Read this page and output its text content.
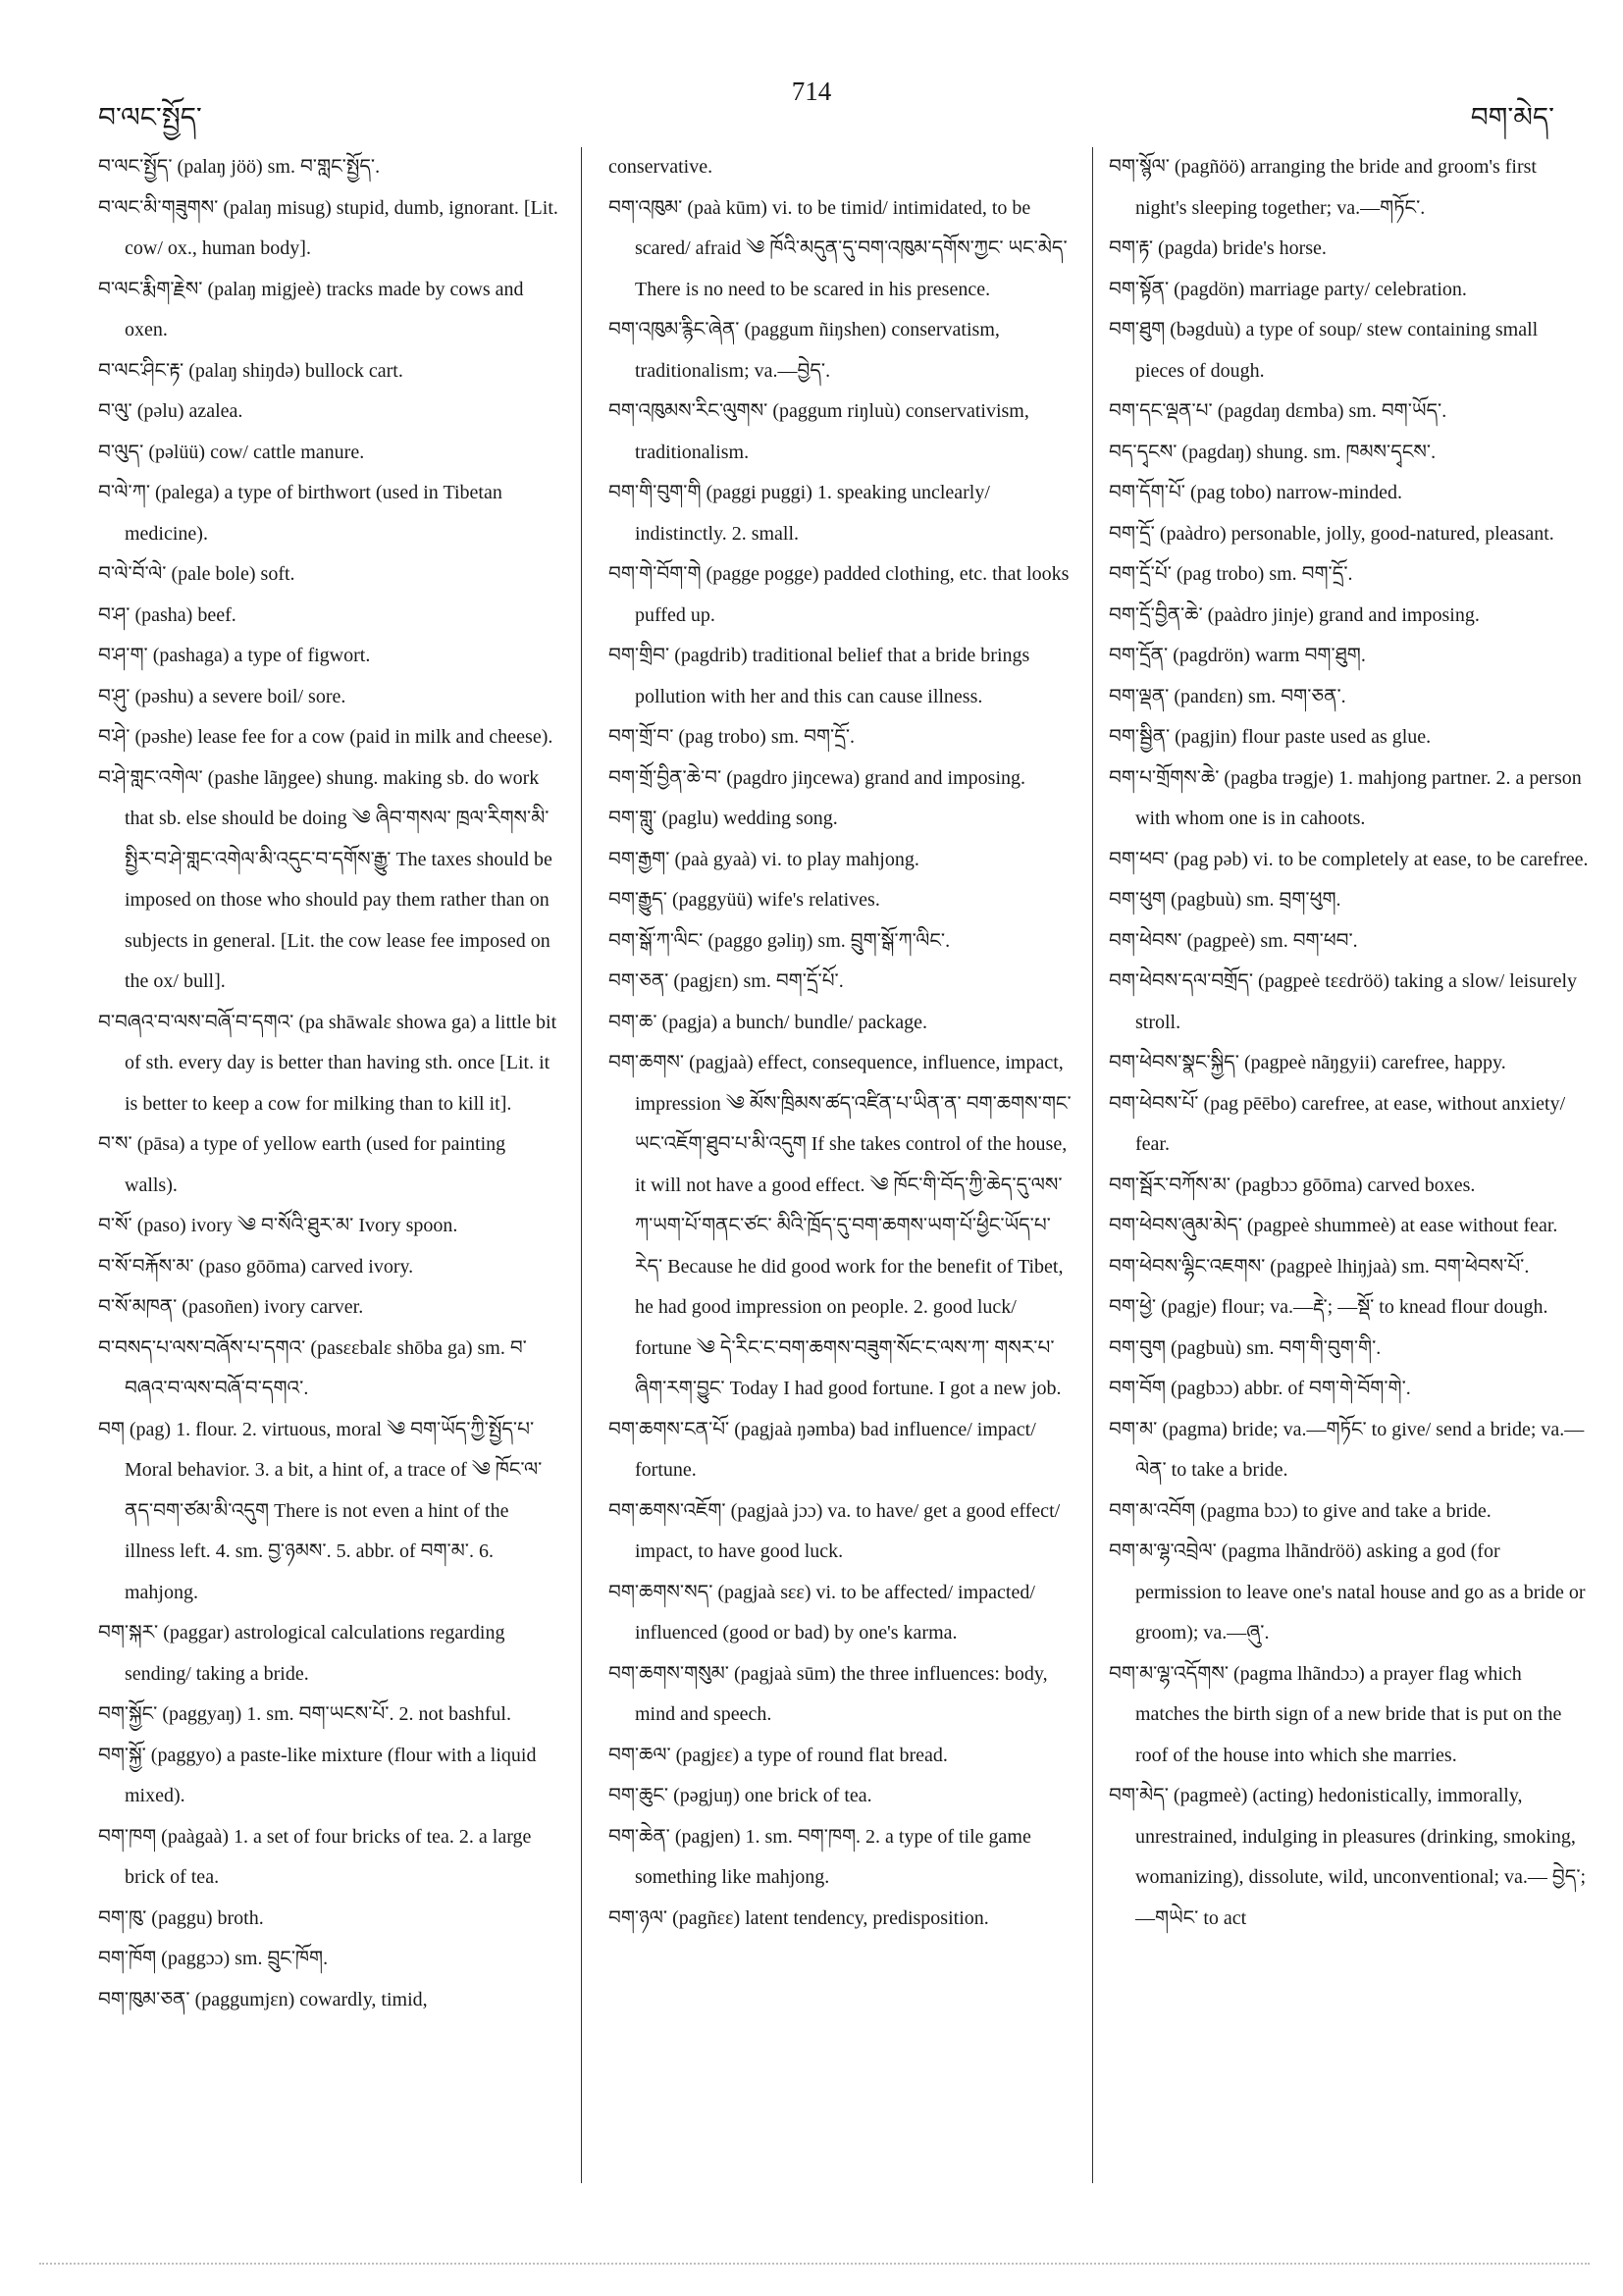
བ་ལང་སྤྱོད་
714
བག་མེད་

བ་ལང་སྤྱོད་ (palaŋ jöö) sm. བ་གླང་སྤྱོད་.

བ་ལང་མི་གཟུགས་ (palaŋ misug) stupid, dumb, ignorant. [Lit. cow/ ox., human body].

བ་ལང་རྨིག་རྗེས་ (palaŋ migjeè) tracks made by cows and oxen.

བ་ལང་ཤིང་རྟ་ (palaŋ shiŋdə) bullock cart.

བ་ལུ་ (pəlu) azalea.

བ་ལུད་ (pəlüü) cow/ cattle manure.

བ་ལེ་ཀ་ (palega) a type of birthwort (used in Tibetan medicine).

བ་ལེ་བོ་ལེ་ (pale bole) soft.

བ་ཤ་ (pasha) beef.

བ་ཤ་ག་ (pashaga) a type of figwort.

བ་ཤུ་ (pəshu) a severe boil/ sore.

བ་ཤེ་ (pəshe) lease fee for a cow (paid in milk and cheese).

བ་ཤེ་གླང་འགེལ་ (pashe lãŋgee) shung. making sb. do work that sb. else should be doing ༄ ཞིབ་གསལ་ ཁྲལ་རིགས་མི་སྤྱིར་བ་ཤེ་གླང་འགེལ་མི་འདུང་བ་དགོས་རྒྱུ་ The taxes should be imposed on those who should pay them rather than on subjects in general. [Lit. the cow lease fee imposed on the ox/ bull].

བ་བཞའ་བ་ལས་བཞོ་བ་དགའ་ (pa shāwalɛ showa ga) a little bit of sth. every day is better than having sth. once [Lit. it is better to keep a cow for milking than to kill it].

བ་ས་ (pāsa) a type of yellow earth (used for painting walls).

བ་སོ་ (paso) ivory ༄ བ་སོའི་ཐུར་མ་ Ivory spoon.

བ་སོ་བརྐོས་མ་ (paso gōōma) carved ivory.

བ་སོ་མཁན་ (pasoñen) ivory carver.

བ་བསད་པ་ལས་བཞོས་པ་དགའ་ (pasɛɛbalɛ shōba ga) sm. བ་བཞའ་བ་ལས་བཞོ་བ་དགའ་.

བག (pag) 1. flour. 2. virtuous, moral ༄ བག་ཡོད་ཀྱི་སྤྱོད་པ་ Moral behavior. 3. a bit, a hint of, a trace of ༄ ཁོང་ལ་ནད་བག་ཙམ་མི་འདུག There is not even a hint of the illness left. 4. sm. བྱ་ཉམས་. 5. abbr. of བག་མ་. 6. mahjong.

བག་སྐར་ (paggar) astrological calculations regarding sending/ taking a bride.

བག་སྐྱོང་ (paggyaŋ) 1. sm. བག་ཡངས་པོ་. 2. not bashful.

བག་སྐྱོ་ (paggyo) a paste-like mixture (flour with a liquid mixed).

བག་ཁག (paàgaà) 1. a set of four bricks of tea. 2. a large brick of tea.

བག་ཁུ་ (paggu) broth.

བག་ཁོག (paggɔɔ) sm. བྲུང་ཁོག.

བག་ཁུམ་ཅན་ (paggumjɛn) cowardly, timid,

conservative.

བག་འཁུམ་ (paà kūm) vi. to be timid/ intimidated, to be scared/ afraid ༄ ཁོའི་མདུན་དུ་བག་འཁུམ་དགོས་ཀྱང་ ཡང་མེད་ There is no need to be scared in his presence.

བག་འཁུམ་རྙིང་ཞེན་ (paggum ñiŋshen) conservatism, traditionalism; va.—བྱེད་.

བག་འཁུམས་རིང་ལུགས་ (paggum riŋluù) conservativism, traditionalism.

བག་གི་བུག་གི (paggi puggi) 1. speaking unclearly/ indistinctly. 2. small.

བག་གེ་བོག་གེ (pagge pogge) padded clothing, etc. that looks puffed up.

བག་གྲིབ་ (pagdrib) traditional belief that a bride brings pollution with her and this can cause illness.

བག་གྲོ་བ་ (pag trobo) sm. བག་དྲོ་.

བག་གྲོ་བྱིན་ཆེ་བ་ (pagdro jiŋcewa) grand and imposing.

བག་གླུ་ (paglu) wedding song.

བག་རྒྱག་ (paà gyaà) vi. to play mahjong.

བག་རྒྱུད་ (paggyüü) wife's relatives.

བག་སྒོ་ཀ་ལིང་ (paggo gəliŋ) sm. བྲུག་སྒོ་ཀ་ལིང་.

བག་ཅན་ (pagjɛn) sm. བག་དྲོ་པོ་.

བག་ཆ་ (pagja) a bunch/ bundle/ package.

བག་ཆགས་ (pagjaà) effect, consequence, influence, impact, impression ༄ མོས་ཁྲིམས་ཚད་འཛིན་པ་ཡིན་ན་ བག་ཆགས་གང་ཡང་འཇོག་ཐུབ་པ་མི་འདུག If she takes control of the house, it will not have a good effect. ༄ ཁོང་གི་བོད་ཀྱི་ཆེད་དུ་ལས་ཀ་ཡག་པོ་གནང་ཙང་ མིའི་ཁྲོད་དུ་བག་ཆགས་ཡག་པོ་ཕྱིང་ཡོད་པ་རེད་ Because he did good work for the benefit of Tibet, he had good impression on people. 2. good luck/ fortune ༄ དེ་རིང་ང་བག་ཆགས་བཟུག་སོང་ང་ལས་ཀ་ གསར་པ་ཞིག་རག་བྱུང་ Today I had good fortune. I got a new job.

བག་ཆགས་ངན་པོ་ (pagjaà ŋəmba) bad influence/ impact/ fortune.

བག་ཆགས་འཇོག་ (pagjaà jɔɔ) va. to have/ get a good effect/ impact, to have good luck.

བག་ཆགས་སད་ (pagjaà sɛɛ) vi. to be affected/ impacted/ influenced (good or bad) by one's karma.

བག་ཆགས་གསུམ་ (pagjaà sūm) the three influences: body, mind and speech.

བག་ཆལ་ (pagjɛɛ) a type of round flat bread.

བག་ཆུང་ (pəgjuŋ) one brick of tea.

བག་ཆེན་ (pagjen) 1. sm. བག་ཁག. 2. a type of tile game something like mahjong.

བག་ཉལ་ (pagñɛɛ) latent tendency, predisposition.

བག་སྙོལ་ (pagñöö) arranging the bride and groom's first night's sleeping together; va.—གཏོང་.

བག་རྟ་ (pagda) bride's horse.

བག་སྟོན་ (pagdön) marriage party/ celebration.

བག་ཐུག (bəgduù) a type of soup/ stew containing small pieces of dough.

བག་དང་ལྡན་པ་ (pagdaŋ dɛmba) sm. བག་ཡོད་.

བད་དྭངས་ (pagdaŋ) shung. sm. ཁམས་དྭངས་.

བག་དོག་པོ་ (pag tobo) narrow-minded.

བག་དྲོ་ (paàdro) personable, jolly, good-natured, pleasant.

བག་དྲོ་པོ་ (pag trobo) sm. བག་དྲོ་.

བག་དྲོ་བྱིན་ཆེ་ (paàdro jinje) grand and imposing.

བག་དྲོན་ (pagdrön) warm བག་ཐུག.

བག་ལྡན་ (pandɛn) sm. བག་ཅན་.

བག་སྦྱིན་ (pagjin) flour paste used as glue.

བག་པ་གྲོགས་ཆེ་ (pagba trəgje) 1. mahjong partner. 2. a person with whom one is in cahoots.

བག་ཕབ་ (pag pəb) vi. to be completely at ease, to be carefree.

བག་ཕུག (pagbuù) sm. བྲག་ཕུག.

བག་ཕེབས་ (pagpeè) sm. བག་ཕབ་.

བག་ཕེབས་དལ་བགྲོད་ (pagpeè tɛɛdröö) taking a slow/ leisurely stroll.

བག་ཕེབས་སྣང་སྐྱིད་ (pagpeè nãŋgyii) carefree, happy.

བག་ཕེབས་པོ་ (pag pēēbo) carefree, at ease, without anxiety/ fear.

བག་སྦོར་བཀོས་མ་ (pagbɔɔ gōōma) carved boxes.

བག་ཕེབས་ཞུམ་མེད་ (pagpeè shummeè) at ease without fear.

བག་ཕེབས་ལྷིང་འཇགས་ (pagpeè lhiŋjaà) sm. བག་ཕེབས་པོ་.

བག་ཕྱེ་ (pagje) flour; va.—རྡེ་; —སྡོ་ to knead flour dough.

བག་བུག (pagbuù) sm. བག་གི་བུག་གི་.

བག་བོག (pagbɔɔ) abbr. of བག་གེ་བོག་གེ་.

བག་མ་ (pagma) bride; va.—གཏོང་ to give/ send a bride; va.—ལེན་ to take a bride.

བག་མ་འབོག (pagma bɔɔ) to give and take a bride.

བག་མ་ལྷ་འབྲེལ་ (pagma lhãndröö) asking a god (for permission to leave one's natal house and go as a bride or groom); va.—ཞུ་.

བག་མ་ལྷ་འདོགས་ (pagma lhãndɔɔ) a prayer flag which matches the birth sign of a new bride that is put on the roof of the house into which she marries.

བག་མེད་ (pagmeè) (acting) hedonistically, immorally, unrestrained, indulging in pleasures (drinking, smoking, womanizing), dissolute, wild, unconventional; va.— བྱེད་; —གཡེང་ to act
